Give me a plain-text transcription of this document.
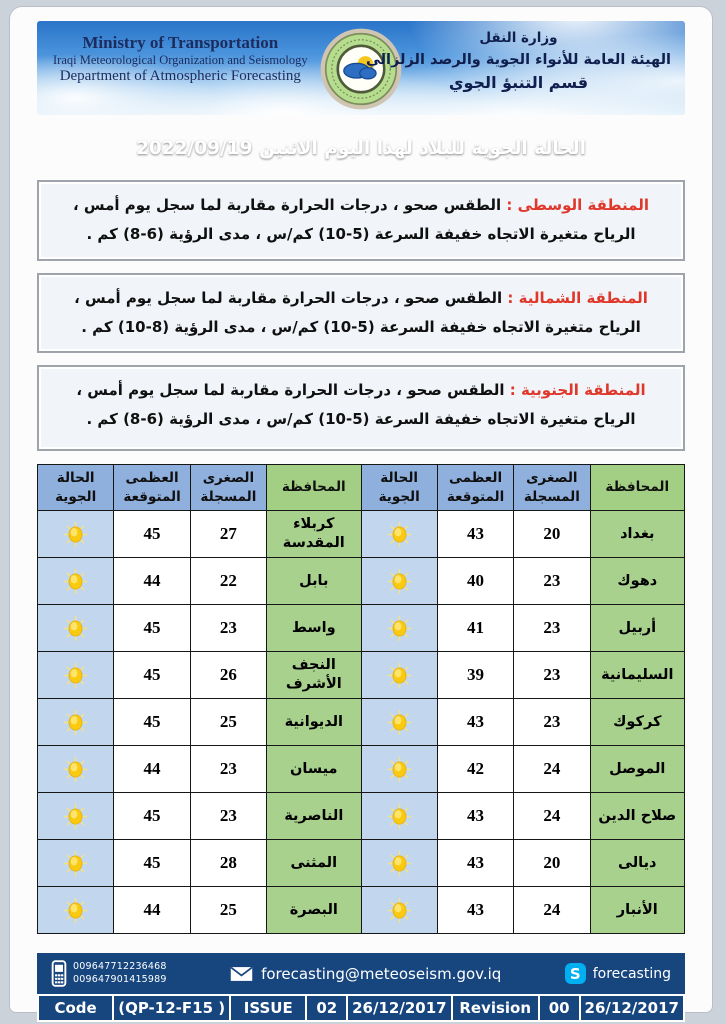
Ministry of Transportation
Iraqi Meteorological Organization and Seismology
Department of Atmospheric Forecasting
وزارة النقل
الهيئة العامة للأنواء الجوية والرصد الزلزالي
قسم التنبؤ الجوي
الحالة الجوية للبلاد لهذا اليوم الاثنين 2022/09/19
المنطقة الوسطى : الطقس صحو ، درجات الحرارة مقاربة لما سجل يوم أمس ، الرياح متغيرة الاتجاه خفيفة السرعة (5-10) كم/س ، مدى الرؤية (6-8) كم .
المنطقة الشمالية : الطقس صحو ، درجات الحرارة مقاربة لما سجل يوم أمس ، الرياح متغيرة الاتجاه خفيفة السرعة (5-10) كم/س ، مدى الرؤية (8-10) كم .
المنطقة الجنوبية : الطقس صحو ، درجات الحرارة مقاربة لما سجل يوم أمس ، الرياح متغيرة الاتجاه خفيفة السرعة (5-10) كم/س ، مدى الرؤية (6-8) كم .
المحافظة	الصغرى المسجلة	العظمى المتوقعة	الحالة الجوية	المحافظة	الصغرى المسجلة	العظمى المتوقعة	الحالة الجوية
بغداد	20	43		كربلاء المقدسة	27	45	
دهوك	23	40		بابل	22	44	
أربيل	23	41		واسط	23	45	
السليمانية	23	39		النجف الأشرف	26	45	
كركوك	23	43		الديوانية	25	45	
الموصل	24	42		ميسان	23	44	
صلاح الدين	24	43		الناصرية	23	45	
ديالى	20	43		المثنى	28	45	
الأنبار	24	43		البصرة	25	44	
009647712236468
009647901415989	forecasting@meteoseism.gov.iq	S forecasting
Code	(QP-12-F15 )	ISSUE	02 26/12/2017 Revision	00 26/12/2017
